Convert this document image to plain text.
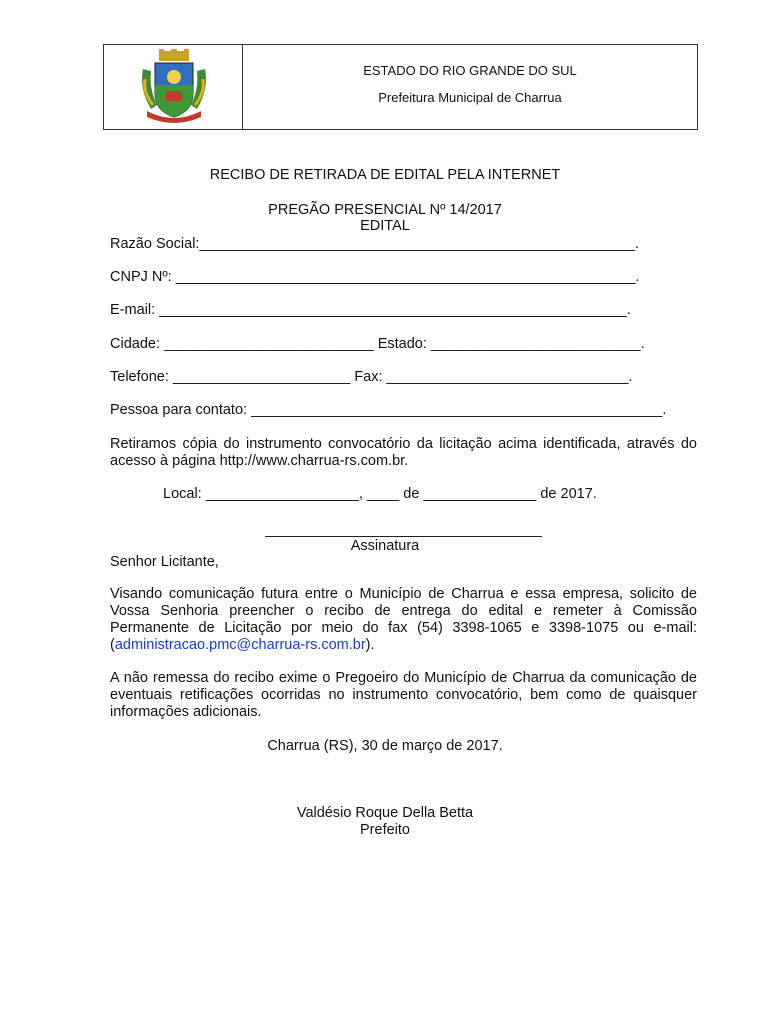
ESTADO DO RIO GRANDE DO SUL
Prefeitura Municipal de Charrua
RECIBO DE RETIRADA DE EDITAL PELA INTERNET
PREGÃO PRESENCIAL Nº 14/2017
EDITAL
Razão Social:______________________________________________________.
CNPJ Nº: _________________________________________________________.
E-mail: __________________________________________________________.
Cidade: __________________________ Estado: __________________________.
Telefone: ______________________ Fax: ______________________________.
Pessoa para contato: ___________________________________________________.

Retiramos cópia do instrumento convocatório da licitação acima identificada, através do acesso à página http://www.charrua-rs.com.br.

Local: ___________________, ____ de ______________ de 2017.
Assinatura
Senhor Licitante,

Visando comunicação futura entre o Município de Charrua e essa empresa, solicito de Vossa Senhoria preencher o recibo de entrega do edital e remeter à Comissão Permanente de Licitação por meio do fax (54) 3398-1065 e 3398-1075 ou e-mail:(administracao.pmc@charrua-rs.com.br).

A não remessa do recibo exime o Pregoeiro do Município de Charrua da comunicação de eventuais retificações ocorridas no instrumento convocatório, bem como de quaisquer informações adicionais.

Charrua (RS), 30 de março de 2017.
Valdésio Roque Della Betta
Prefeito
